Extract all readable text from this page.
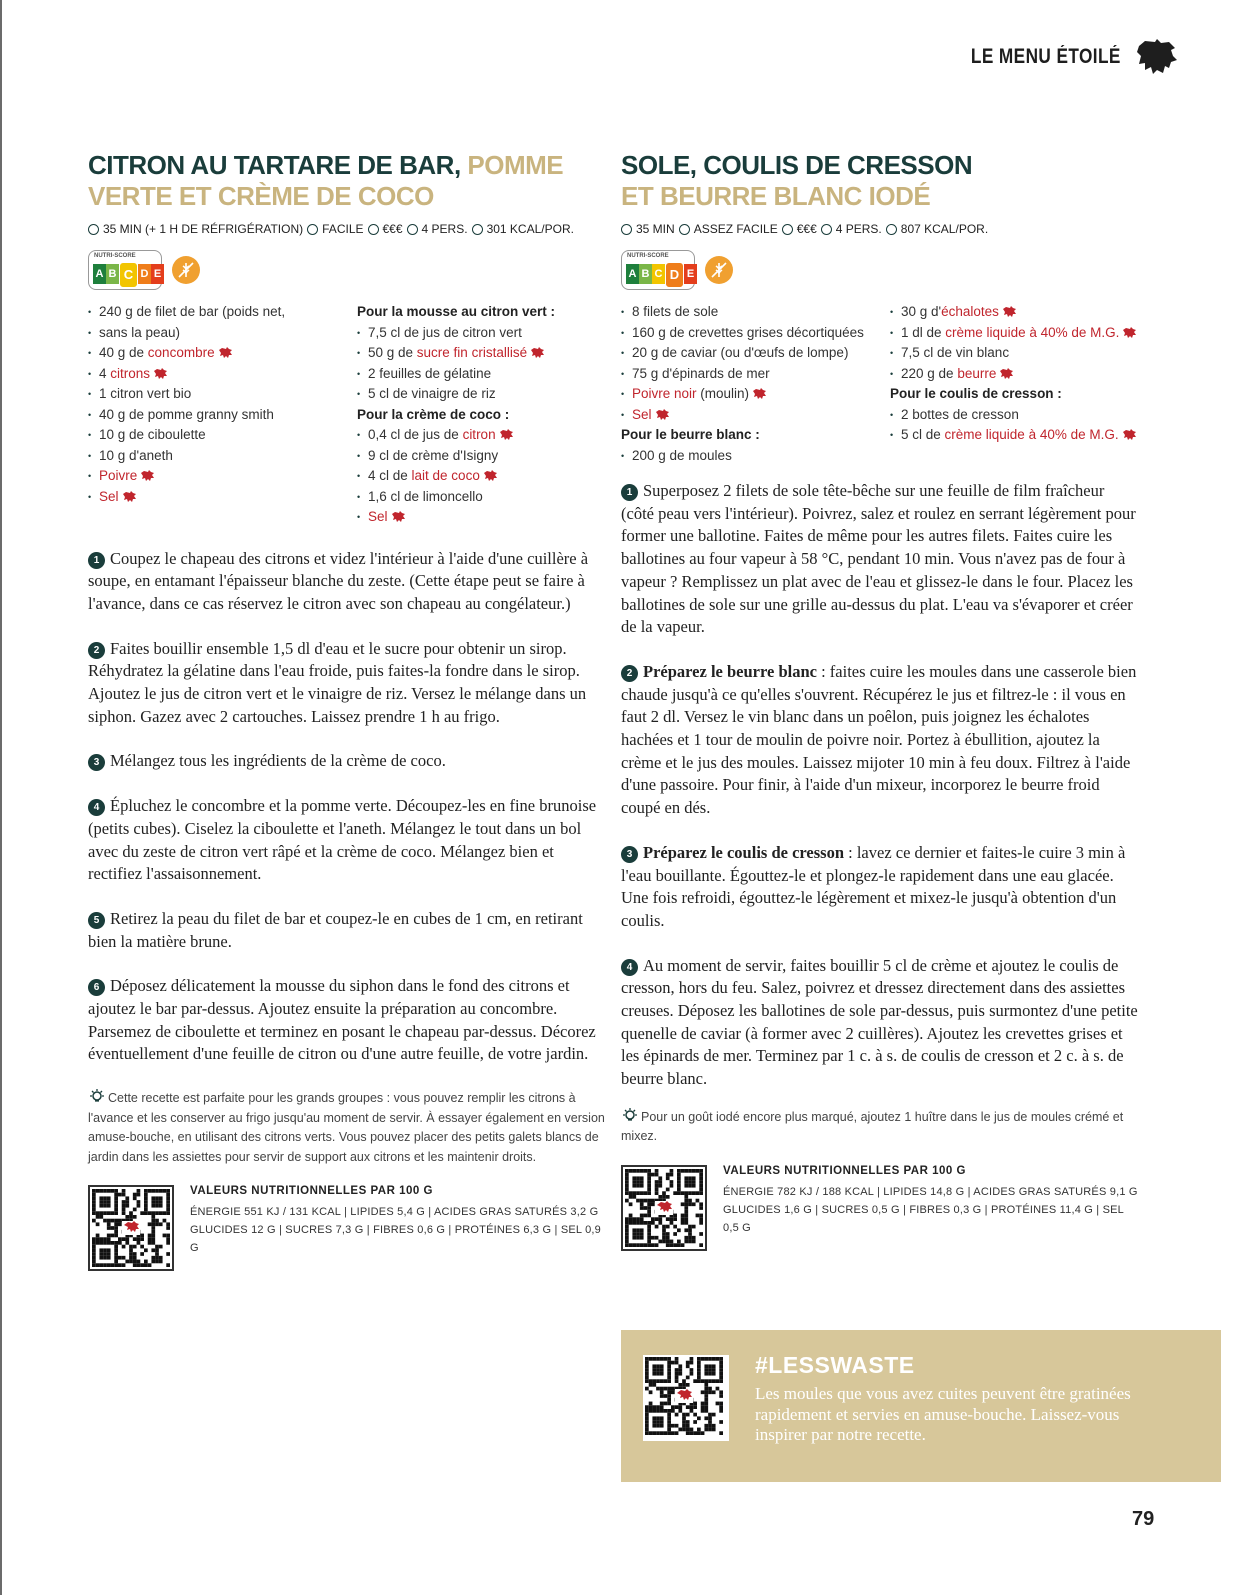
LE MENU ÉTOILÉ
CITRON AU TARTARE DE BAR, POMME VERTE ET CRÈME DE COCO
35 MIN (+ 1 H DE RÉFRIGÉRATION) FACILE €€€ 4 PERS. 301 KCAL/POR.
NUTRI-SCORE
A B C D E
• 240 g de filet de bar (poids net,
• sans la peau)
• 40 g de concombre
• 4 citrons
• 1 citron vert bio
• 40 g de pomme granny smith
• 10 g de ciboulette
• 10 g d'aneth
• Poivre
• Sel
Pour la mousse au citron vert :
• 7,5 cl de jus de citron vert
• 50 g de sucre fin cristallisé
• 2 feuilles de gélatine
• 5 cl de vinaigre de riz
Pour la crème de coco :
• 0,4 cl de jus de citron
• 9 cl de crème d'Isigny
• 4 cl de lait de coco
• 1,6 cl de limoncello
• Sel

1 Coupez le chapeau des citrons et videz l'intérieur à l'aide d'une cuillère à soupe, en entamant l'épaisseur blanche du zeste. (Cette étape peut se faire à l'avance, dans ce cas réservez le citron avec son chapeau au congélateur.)

2 Faites bouillir ensemble 1,5 dl d'eau et le sucre pour obtenir un sirop. Réhydratez la gélatine dans l'eau froide, puis faites-la fondre dans le sirop. Ajoutez le jus de citron vert et le vinaigre de riz. Versez le mélange dans un siphon. Gazez avec 2 cartouches. Laissez prendre 1 h au frigo.

3 Mélangez tous les ingrédients de la crème de coco.

4 Épluchez le concombre et la pomme verte. Découpez-les en fine brunoise (petits cubes). Ciselez la ciboulette et l'aneth. Mélangez le tout dans un bol avec du zeste de citron vert râpé et la crème de coco. Mélangez bien et rectifiez l'assaisonnement.

5 Retirez la peau du filet de bar et coupez-le en cubes de 1 cm, en retirant bien la matière brune.

6 Déposez délicatement la mousse du siphon dans le fond des citrons et ajoutez le bar par-dessus. Ajoutez ensuite la préparation au concombre. Parsemez de ciboulette et terminez en posant le chapeau par-dessus. Décorez éventuellement d'une feuille de citron ou d'une autre feuille, de votre jardin.

Cette recette est parfaite pour les grands groupes : vous pouvez remplir les citrons à l'avance et les conserver au frigo jusqu'au moment de servir. À essayer également en version amuse-bouche, en utilisant des citrons verts. Vous pouvez placer des petits galets blancs de jardin dans les assiettes pour servir de support aux citrons et les maintenir droits.
VALEURS NUTRITIONNELLES PAR 100 G
ÉNERGIE 551 KJ / 131 KCAL | LIPIDES 5,4 G | ACIDES GRAS SATURÉS 3,2 G
GLUCIDES 12 G | SUCRES 7,3 G | FIBRES 0,6 G | PROTÉINES 6,3 G | SEL 0,9 G
SOLE, COULIS DE CRESSON
ET BEURRE BLANC IODÉ
35 MIN ASSEZ FACILE €€€ 4 PERS. 807 KCAL/POR.
NUTRI-SCORE
A B C D E
• 8 filets de sole
• 160 g de crevettes grises décortiquées
• 20 g de caviar (ou d'œufs de lompe)
• 75 g d'épinards de mer
• Poivre noir (moulin)
• Sel
Pour le beurre blanc :
• 200 g de moules
• 30 g d'échalotes
• 1 dl de crème liquide à 40% de M.G.
• 7,5 cl de vin blanc
• 220 g de beurre
Pour le coulis de cresson :
• 2 bottes de cresson
• 5 cl de crème liquide à 40% de M.G.

1 Superposez 2 filets de sole tête-bêche sur une feuille de film fraîcheur (côté peau vers l'intérieur). Poivrez, salez et roulez en serrant légèrement pour former une ballotine. Faites de même pour les autres filets. Faites cuire les ballotines au four vapeur à 58 °C, pendant 10 min. Vous n'avez pas de four à vapeur ? Remplissez un plat avec de l'eau et glissez-le dans le four. Placez les ballotines de sole sur une grille au-dessus du plat. L'eau va s'évaporer et créer de la vapeur.

2 Préparez le beurre blanc : faites cuire les moules dans une casserole bien chaude jusqu'à ce qu'elles s'ouvrent. Récupérez le jus et filtrez-le : il vous en faut 2 dl. Versez le vin blanc dans un poêlon, puis joignez les échalotes hachées et 1 tour de moulin de poivre noir. Portez à ébullition, ajoutez la crème et le jus des moules. Laissez mijoter 10 min à feu doux. Filtrez à l'aide d'une passoire. Pour finir, à l'aide d'un mixeur, incorporez le beurre froid coupé en dés.

3 Préparez le coulis de cresson : lavez ce dernier et faites-le cuire 3 min à l'eau bouillante. Égouttez-le et plongez-le rapidement dans une eau glacée. Une fois refroidi, égouttez-le légèrement et mixez-le jusqu'à obtention d'un coulis.

4 Au moment de servir, faites bouillir 5 cl de crème et ajoutez le coulis de cresson, hors du feu. Salez, poivrez et dressez directement dans des assiettes creuses. Déposez les ballotines de sole par-dessus, puis surmontez d'une petite quenelle de caviar (à former avec 2 cuillères). Ajoutez les crevettes grises et les épinards de mer. Terminez par 1 c. à s. de coulis de cresson et 2 c. à s. de beurre blanc.

Pour un goût iodé encore plus marqué, ajoutez 1 huître dans le jus de moules crémé et mixez.
VALEURS NUTRITIONNELLES PAR 100 G
ÉNERGIE 782 KJ / 188 KCAL | LIPIDES 14,8 G | ACIDES GRAS SATURÉS 9,1 G
GLUCIDES 1,6 G | SUCRES 0,5 G | FIBRES 0,3 G | PROTÉINES 11,4 G | SEL 0,5 G
#LESSWASTE
Les moules que vous avez cuites peuvent être gratinées rapidement et servies en amuse-bouche. Laissez-vous inspirer par notre recette.
79
